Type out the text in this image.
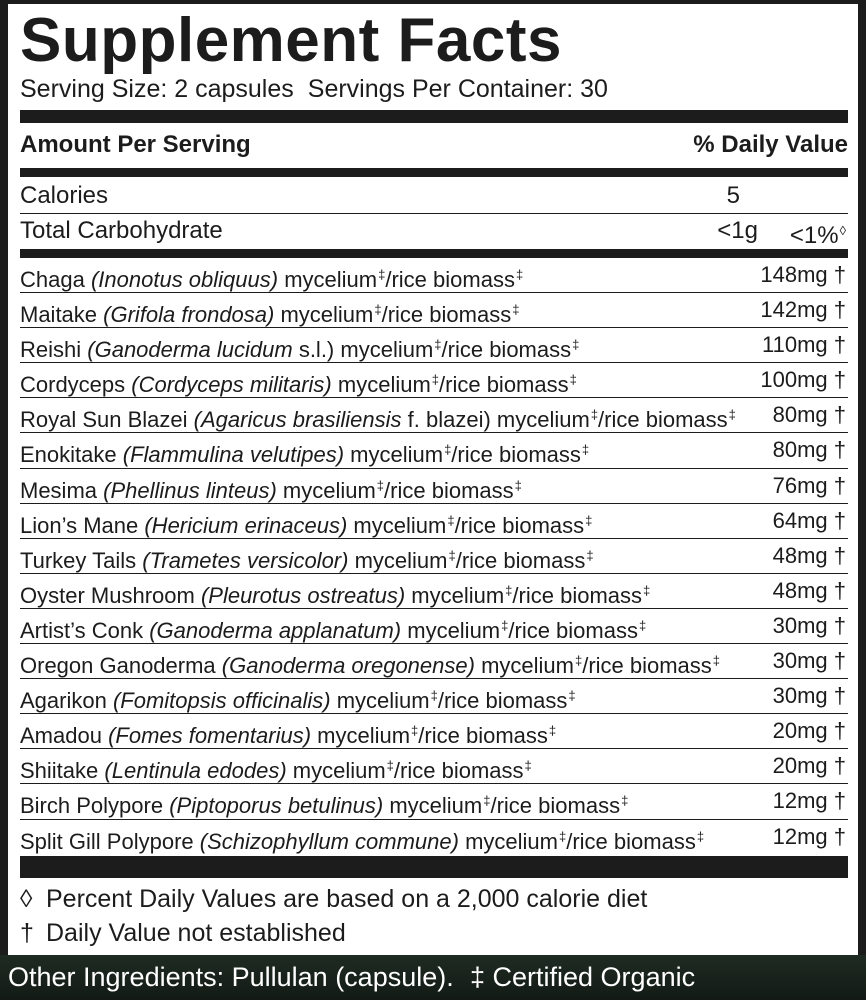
Supplement Facts
Serving Size: 2 capsules Servings Per Container: 30
Amount Per Serving	% Daily Value
Calories	5
Total Carbohydrate	<1g <1%◊
Chaga (Inonotus obliquus) mycelium‡/rice biomass‡	148mg †
Maitake (Grifola frondosa) mycelium‡/rice biomass‡	142mg †
Reishi (Ganoderma lucidum s.l.) mycelium‡/rice biomass‡	110mg †
Cordyceps (Cordyceps militaris) mycelium‡/rice biomass‡	100mg †
Royal Sun Blazei (Agaricus brasiliensis f. blazei) mycelium‡/rice biomass‡ 80mg †
Enokitake (Flammulina velutipes) mycelium‡/rice biomass‡	80mg †
Mesima (Phellinus linteus) mycelium‡/rice biomass‡	76mg †
Lion’s Mane (Hericium erinaceus) mycelium‡/rice biomass‡	64mg †
Turkey Tails (Trametes versicolor) mycelium‡/rice biomass‡	48mg †
Oyster Mushroom (Pleurotus ostreatus) mycelium‡/rice biomass‡	48mg †
Artist’s Conk (Ganoderma applanatum) mycelium‡/rice biomass‡	30mg †
Oregon Ganoderma (Ganoderma oregonense) mycelium‡/rice biomass‡ 30mg †
Agarikon (Fomitopsis officinalis) mycelium‡/rice biomass‡	30mg †
Amadou (Fomes fomentarius) mycelium‡/rice biomass‡	20mg †
Shiitake (Lentinula edodes) mycelium‡/rice biomass‡	20mg †
Birch Polypore (Piptoporus betulinus) mycelium‡/rice biomass‡	12mg †
Split Gill Polypore (Schizophyllum commune) mycelium‡/rice biomass‡	12mg †
◊ Percent Daily Values are based on a 2,000 calorie diet
† Daily Value not established
Other Ingredients: Pullulan (capsule). ‡ Certified Organic
